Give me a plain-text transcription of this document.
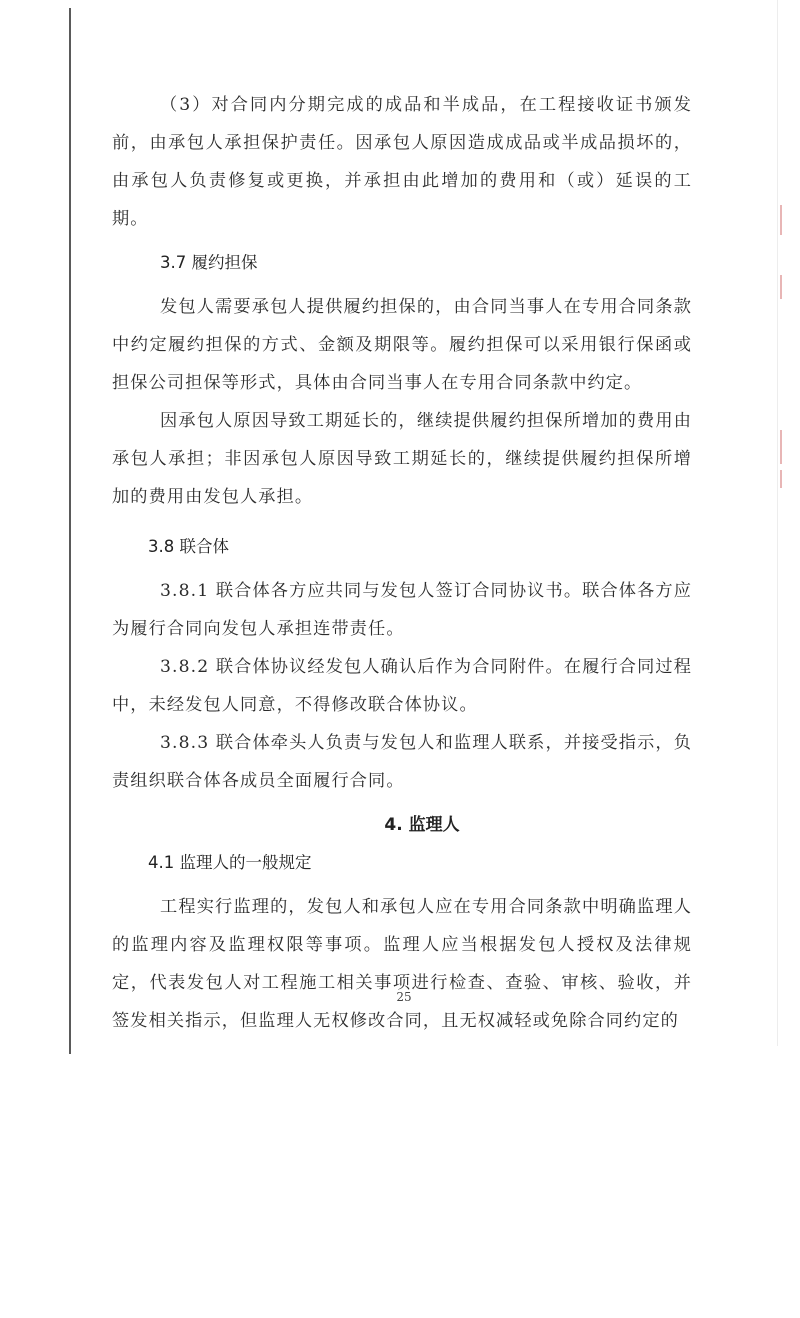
（3）对合同内分期完成的成品和半成品，在工程接收证书颁发前，由承包人承担保护责任。因承包人原因造成成品或半成品损坏的，由承包人负责修复或更换，并承担由此增加的费用和（或）延误的工期。

3.7 履约担保

发包人需要承包人提供履约担保的，由合同当事人在专用合同条款中约定履约担保的方式、金额及期限等。履约担保可以采用银行保函或担保公司担保等形式，具体由合同当事人在专用合同条款中约定。

因承包人原因导致工期延长的，继续提供履约担保所增加的费用由承包人承担；非因承包人原因导致工期延长的，继续提供履约担保所增加的费用由发包人承担。

3.8 联合体

3.8.1 联合体各方应共同与发包人签订合同协议书。联合体各方应为履行合同向发包人承担连带责任。

3.8.2 联合体协议经发包人确认后作为合同附件。在履行合同过程中，未经发包人同意，不得修改联合体协议。

3.8.3 联合体牵头人负责与发包人和监理人联系，并接受指示，负责组织联合体各成员全面履行合同。

4. 监理人

4.1 监理人的一般规定

工程实行监理的，发包人和承包人应在专用合同条款中明确监理人的监理内容及监理权限等事项。监理人应当根据发包人授权及法律规定，代表发包人对工程施工相关事项进行检查、查验、审核、验收，并签发相关指示，但监理人无权修改合同，且无权减轻或免除合同约定的

25
